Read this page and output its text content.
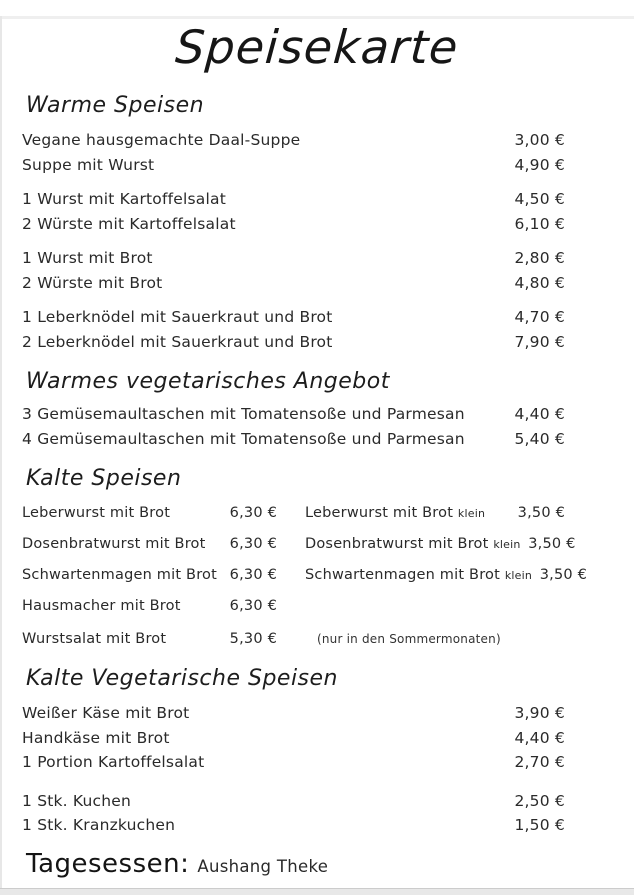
Speisekarte
Warme Speisen
Vegane hausgemachte Daal-Suppe	3,00 €
Suppe mit Wurst	4,90 €
1 Wurst mit Kartoffelsalat	4,50 €
2 Würste mit Kartoffelsalat	6,10 €
1 Wurst mit Brot	2,80 €
2 Würste mit Brot	4,80 €
1 Leberknödel mit Sauerkraut und Brot	4,70 €
2 Leberknödel mit Sauerkraut und Brot	7,90 €
Warmes vegetarisches Angebot
3 Gemüsemaultaschen mit Tomatensoße und Parmesan	4,40 €
4 Gemüsemaultaschen mit Tomatensoße und Parmesan	5,40 €
Kalte Speisen
Leberwurst mit Brot	6,30 €	Leberwurst mit Brot klein	3,50 €
Dosenbratwurst mit Brot	6,30 €	Dosenbratwurst mit Brot klein 3,50 €
Schwartenmagen mit Brot 6,30 €	Schwartenmagen mit Brot klein 3,50 €
Hausmacher mit Brot	6,30 €
Wurstsalat mit Brot	5,30 €	(nur in den Sommermonaten)
Kalte Vegetarische Speisen
Weißer Käse mit Brot	3,90 €
Handkäse mit Brot	4,40 €
1 Portion Kartoffelsalat	2,70 €
1 Stk. Kuchen	2,50 €
1 Stk. Kranzkuchen	1,50 €
Tagesessen: Aushang Theke
